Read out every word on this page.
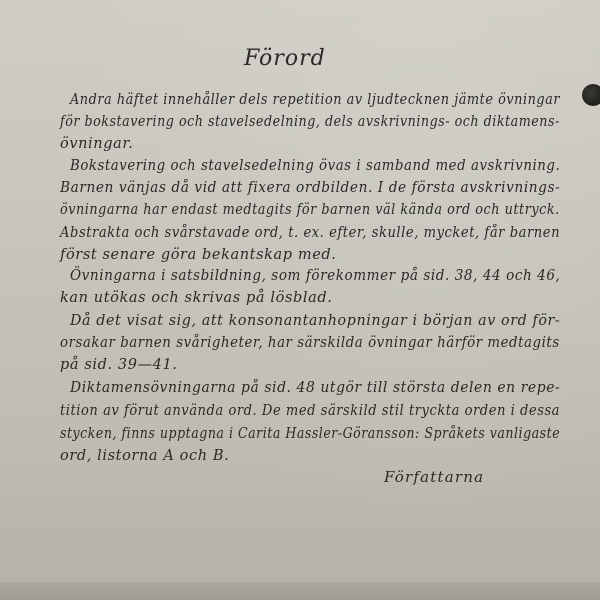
Förord
Andra häftet innehåller dels repetition av ljudtecknen jämte övningar
för bokstavering och stavelsedelning, dels avskrivnings- och diktamens-
övningar.
Bokstavering och stavelsedelning övas i samband med avskrivning.
Barnen vänjas då vid att fixera ordbilden. I de första avskrivnings-
övningarna har endast medtagits för barnen väl kända ord och uttryck.
Abstrakta och svårstavade ord, t. ex. efter, skulle, mycket, får barnen
först senare göra bekantskap med.
Övningarna i satsbildning, som förekommer på sid. 38, 44 och 46,
kan utökas och skrivas på lösblad.
Då det visat sig, att konsonantanhopningar i början av ord för-
orsakar barnen svårigheter, har särskilda övningar härför medtagits
på sid. 39—41.
Diktamensövningarna på sid. 48 utgör till största delen en repe-
tition av förut använda ord. De med särskild stil tryckta orden i dessa
stycken, finns upptagna i Carita Hassler-Göransson: Språkets vanligaste
ord, listorna A och B.
Författarna
